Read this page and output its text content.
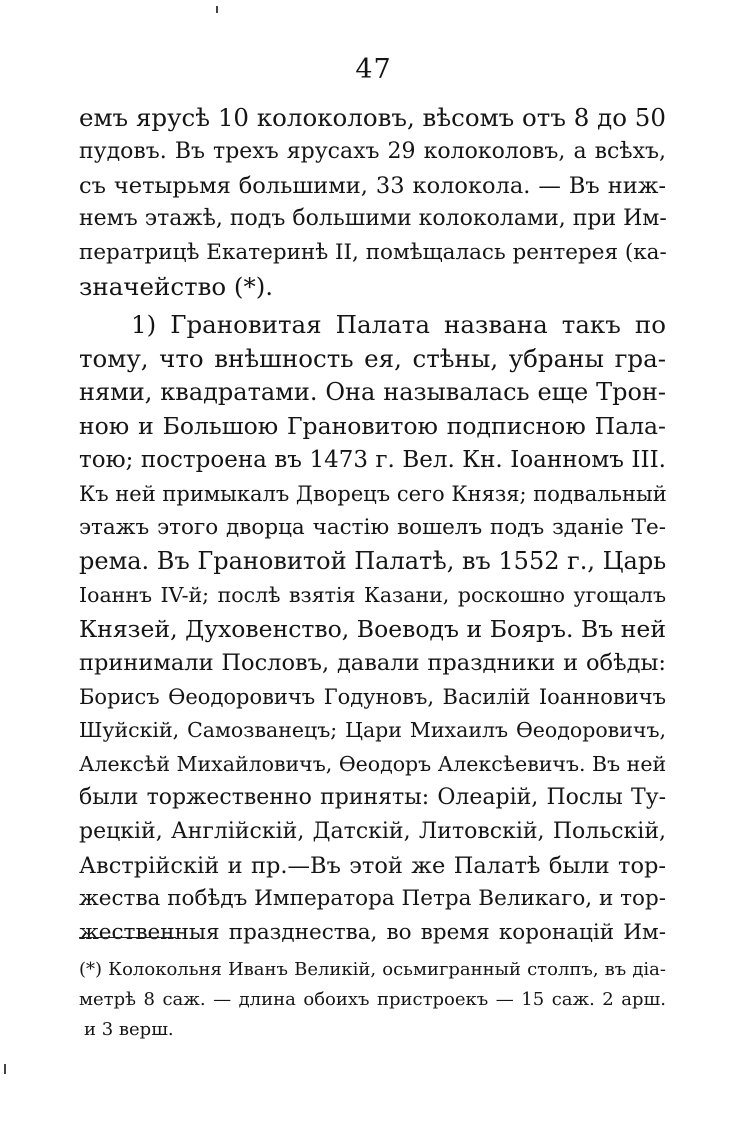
47
емъ ярусѣ 10 колоколовъ, вѣсомъ отъ 8 до 50
пудовъ. Въ трехъ ярусахъ 29 колоколовъ, а всѣхъ,
съ четырьмя большими, 33 колокола. — Въ ниж-
немъ этажѣ, подъ большими колоколами, при Им-
ператрицѣ Екатеринѣ II, помѣщалась рентерея (ка-
значейство (*).
1) Грановитая Палата названа такъ по
тому, что внѣшность ея, стѣны, убраны гра-
нями, квадратами. Она называлась еще Трон-
ною и Большою Грановитою подписною Пала-
тою; построена въ 1473 г. Вел. Кн. Іоанномъ III.
Къ ней примыкалъ Дворецъ сего Князя; подвальный
этажъ этого дворца частію вошелъ подъ зданіе Те-
рема. Въ Грановитой Палатѣ, въ 1552 г., Царь
Іоаннъ IV-й; послѣ взятія Казани, роскошно угощалъ
Князей, Духовенство, Воеводъ и Бояръ. Въ ней
принимали Пословъ, давали праздники и обѣды:
Борисъ Ѳеодоровичъ Годуновъ, Василій Іоанновичъ
Шуйскій, Самозванецъ; Цари Михаилъ Ѳеодоровичъ,
Алексѣй Михайловичъ, Ѳеодоръ Алексѣевичъ. Въ ней
были торжественно приняты: Олеарій, Послы Ту-
рецкій, Англійскій, Датскій, Литовскій, Польскій,
Австрійскій и пр.—Въ этой же Палатѣ были тор-
жества побѣдъ Императора Петра Великаго, и тор-
жественныя празднества, во время коронацій Им-
(*) Колокольня Иванъ Великій, осьмигранный столпъ, въ діа-
метрѣ 8 саж. — длина обоихъ пристроекъ — 15 саж. 2 арш.
и 3 верш.
